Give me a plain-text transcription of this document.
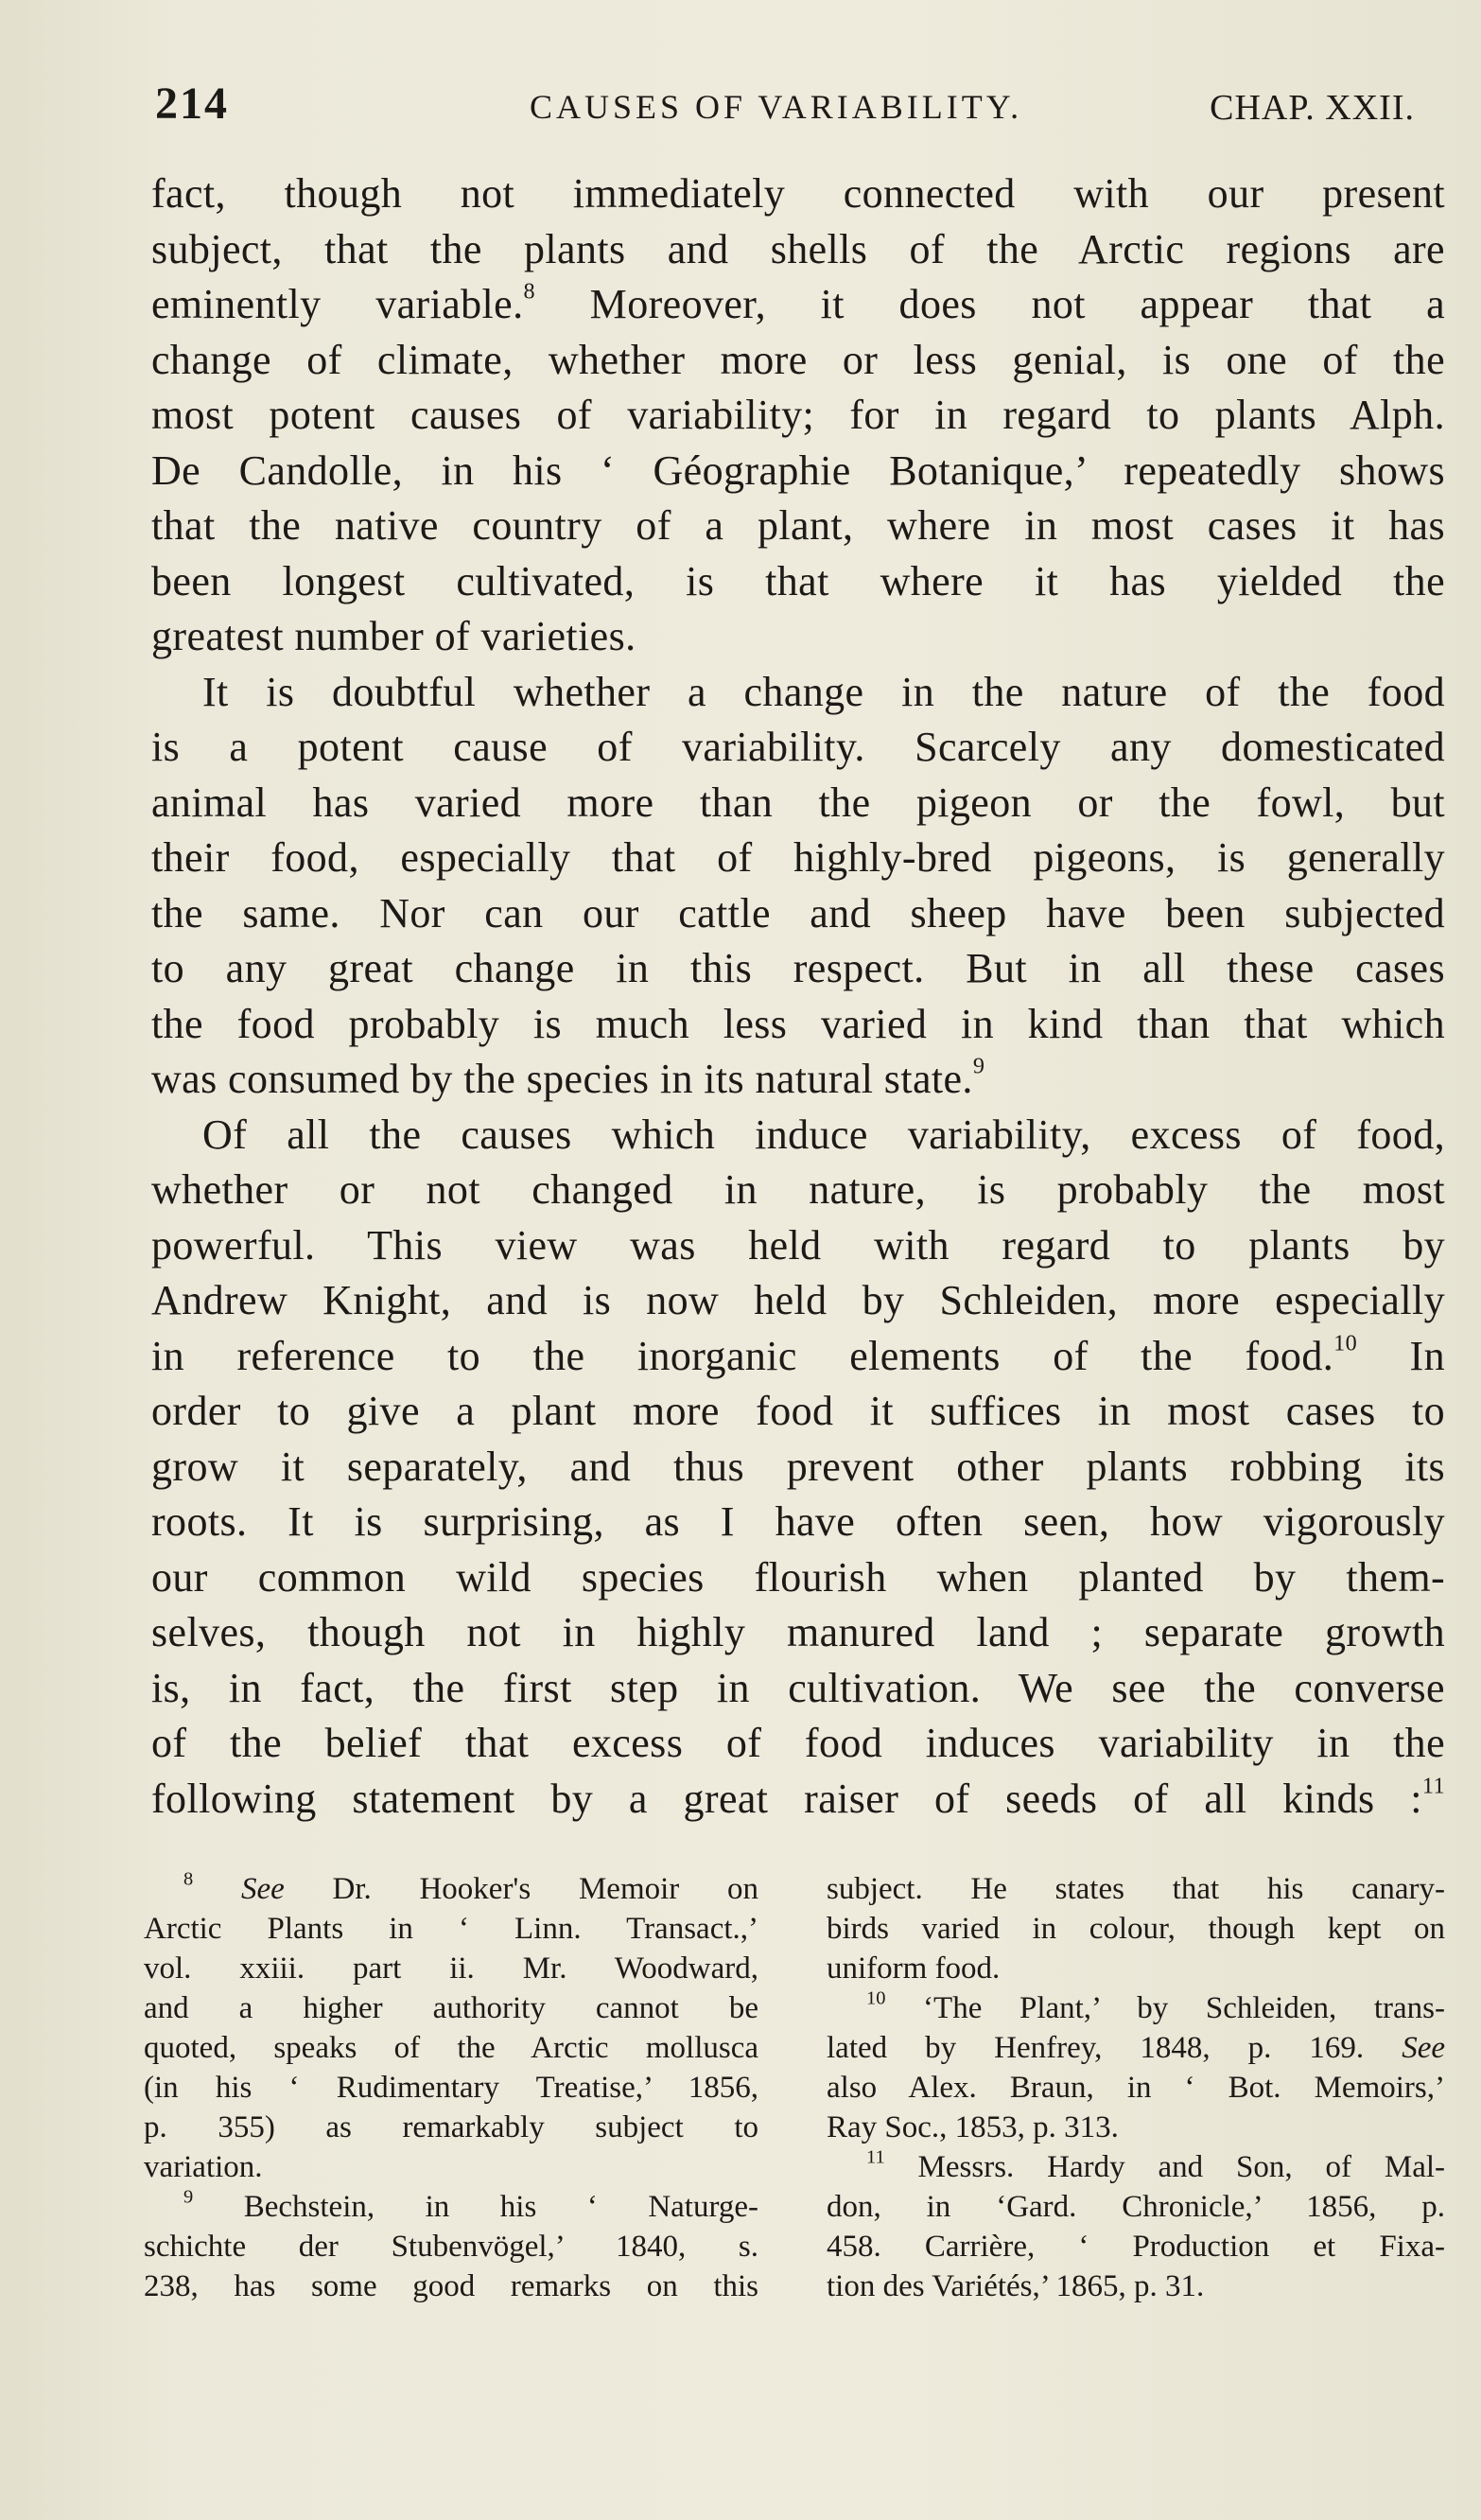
214	CAUSES OF VARIABILITY.	CHAP. XXII.

fact, though not immediately connected with our present
subject, that the plants and shells of the Arctic regions are
eminently variable.$^8$ Moreover, it does not appear that a
change of climate, whether more or less genial, is one of the
most potent causes of variability; for in regard to plants Alph.
De Candolle, in his ‘ Géographie Botanique,’ repeatedly shows
that the native country of a plant, where in most cases it has
been longest cultivated, is that where it has yielded the
greatest number of varieties.

It is doubtful whether a change in the nature of the food
is a potent cause of variability. Scarcely any domesticated
animal has varied more than the pigeon or the fowl, but
their food, especially that of highly-bred pigeons, is generally
the same. Nor can our cattle and sheep have been subjected
to any great change in this respect. But in all these cases
the food probably is much less varied in kind than that which
was consumed by the species in its natural state.$^9$

Of all the causes which induce variability, excess of food,
whether or not changed in nature, is probably the most
powerful. This view was held with regard to plants by
Andrew Knight, and is now held by Schleiden, more especially
in reference to the inorganic elements of the food.$^{10}$ In
order to give a plant more food it suffices in most cases to
grow it separately, and thus prevent other plants robbing its
roots. It is surprising, as I have often seen, how vigorously
our common wild species flourish when planted by them-
selves, though not in highly manured land ; separate growth
is, in fact, the first step in cultivation. We see the converse
of the belief that excess of food induces variability in the
following statement by a great raiser of seeds of all kinds :$^{11}$

$^8$ See Dr. Hooker's Memoir on
Arctic Plants in ‘ Linn. Transact.,’
vol. xxiii. part ii. Mr. Woodward,
and a higher authority cannot be
quoted, speaks of the Arctic mollusca
(in his ‘ Rudimentary Treatise,’ 1856,
p. 355) as remarkably subject to
variation.
$^9$ Bechstein, in his ‘ Naturge-
schichte der Stubenvögel,’ 1840, s.
238, has some good remarks on this
subject. He states that his canary-
birds varied in colour, though kept on
uniform food.
$^{10}$ ‘The Plant,’ by Schleiden, trans-
lated by Henfrey, 1848, p. 169. See
also Alex. Braun, in ‘ Bot. Memoirs,’
Ray Soc., 1853, p. 313.
$^{11}$ Messrs. Hardy and Son, of Mal-
don, in ‘Gard. Chronicle,’ 1856, p.
458. Carrière, ‘ Production et Fixa-
tion des Variétés,’ 1865, p. 31.
